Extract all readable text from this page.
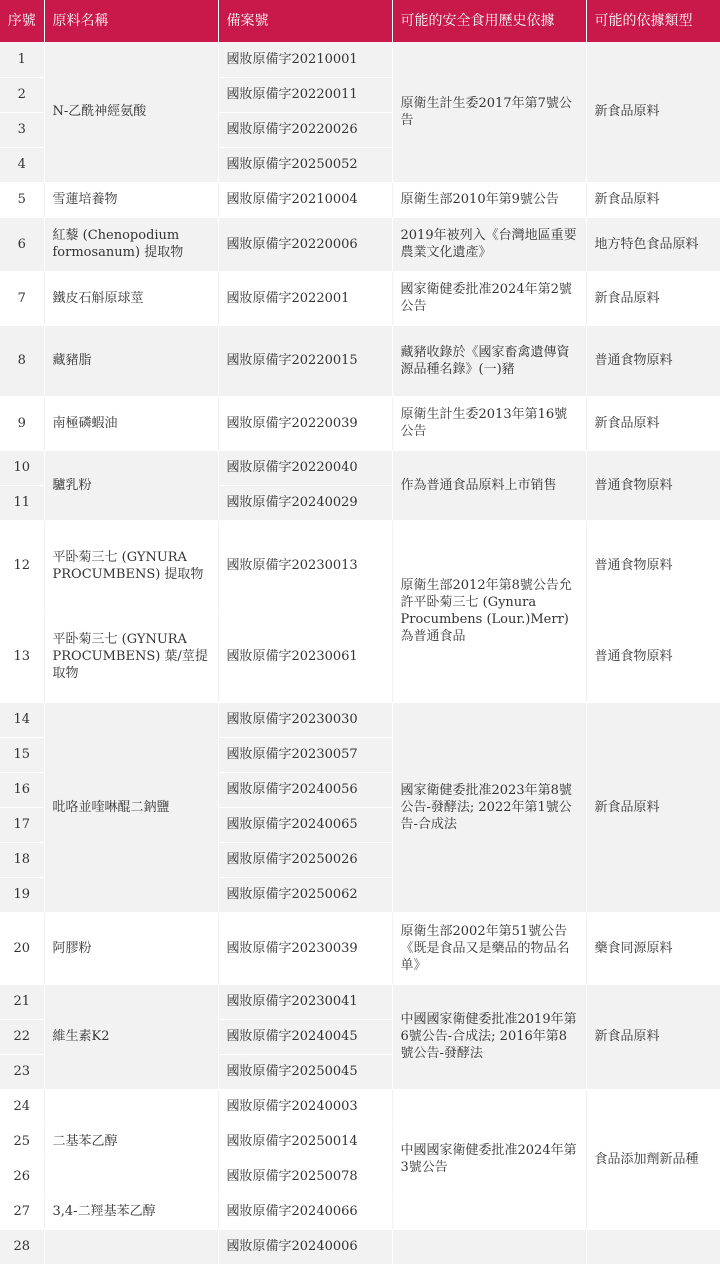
序號	原料名稱	備案號	可能的安全食用歷史依據	可能的依據類型
1	N-乙酰神經氨酸	國妝原備字20210001	原衛生計生委2017年第7號公告	新食品原料
2		國妝原備字20220011		
3		國妝原備字20220026		
4		國妝原備字20250052		
5	雪蓮培養物	國妝原備字20210004	原衛生部2010年第9號公告	新食品原料
6	紅藜 (Chenopodium formosanum) 提取物	國妝原備字20220006	2019年被列入《台灣地區重要農業文化遺產》	地方特色食品原料
7	鐵皮石斛原球莖	國妝原備字2022001	國家衛健委批准2024年第2號公告	新食品原料
8	藏豬脂	國妝原備字20220015	藏豬收錄於《國家畜禽遺傳資源品種名錄》(一)豬	普通食物原料
9	南極磷蝦油	國妝原備字20220039	原衛生計生委2013年第16號公告	新食品原料
10	驢乳粉	國妝原備字20220040	作為普通食品原料上市销售	普通食物原料
11		國妝原備字20240029		
12	平卧菊三七 (GYNURA PROCUMBENS) 提取物	國妝原備字20230013	原衛生部2012年第8號公告允許平卧菊三七 (Gynura Procumbens (Lour.)Merr) 為普通食品	普通食物原料
13	平卧菊三七 (GYNURA PROCUMBENS) 葉/莖提取物	國妝原備字20230061		普通食物原料
14	吡咯並喹啉醌二鈉鹽	國妝原備字20230030	國家衛健委批准2023年第8號公告-發酵法; 2022年第1號公告-合成法	新食品原料
15		國妝原備字20230057		
16		國妝原備字20240056		
17		國妝原備字20240065		
18		國妝原備字20250026		
19		國妝原備字20250062		
20	阿膠粉	國妝原備字20230039	原衛生部2002年第51號公告《既是食品又是藥品的物品名单》	藥食同源原料
21	維生素K2	國妝原備字20230041	中國國家衛健委批准2019年第6號公告-合成法; 2016年第8號公告-發酵法	新食品原料
22		國妝原備字20240045		
23		國妝原備字20250045		
24	二基苯乙醇	國妝原備字20240003	中國國家衛健委批准2024年第3號公告	食品添加劑新品種
25		國妝原備字20250014		
26		國妝原備字20250078		
27	3,4-二羥基苯乙醇	國妝原備字20240066		
28		國妝原備字20240006		
